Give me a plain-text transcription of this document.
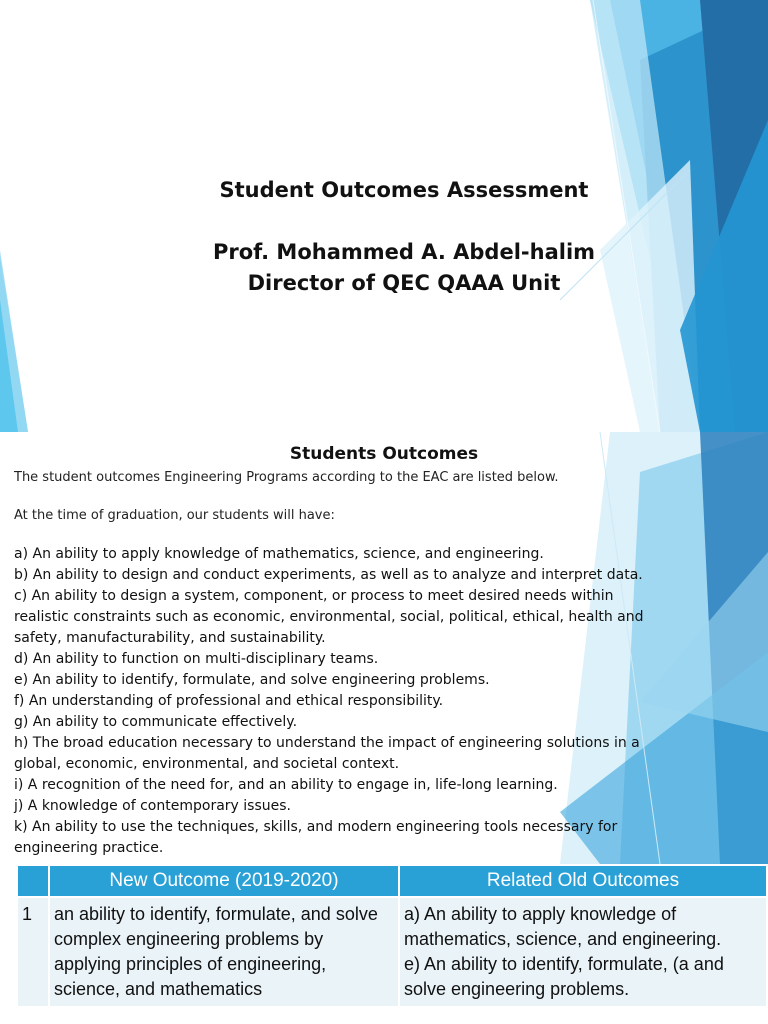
Student Outcomes Assessment
Prof. Mohammed A. Abdel-halim
Director of QEC QAAA Unit
Students Outcomes
The student outcomes Engineering Programs according to the EAC are listed below.
At the time of graduation, our students will have:
a) An ability to apply knowledge of mathematics, science, and engineering.
b) An ability to design and conduct experiments, as well as to analyze and interpret data.
c) An ability to design a system, component, or process to meet desired needs within
realistic constraints such as economic, environmental, social, political, ethical, health and
safety, manufacturability, and sustainability.
d) An ability to function on multi-disciplinary teams.
e) An ability to identify, formulate, and solve engineering problems.
f) An understanding of professional and ethical responsibility.
g) An ability to communicate effectively.
h) The broad education necessary to understand the impact of engineering solutions in a
global, economic, environmental, and societal context.
i) A recognition of the need for, and an ability to engage in, life-long learning.
j) A knowledge of contemporary issues.
k) An ability to use the techniques, skills, and modern engineering tools necessary for
engineering practice.
	New Outcome (2019-2020)	Related Old Outcomes
1	an ability to identify, formulate, and solve complex engineering problems by applying principles of engineering, science, and mathematics	a) An ability to apply knowledge of mathematics, science, and engineering.
e) An ability to identify, formulate, (a and solve engineering problems.
